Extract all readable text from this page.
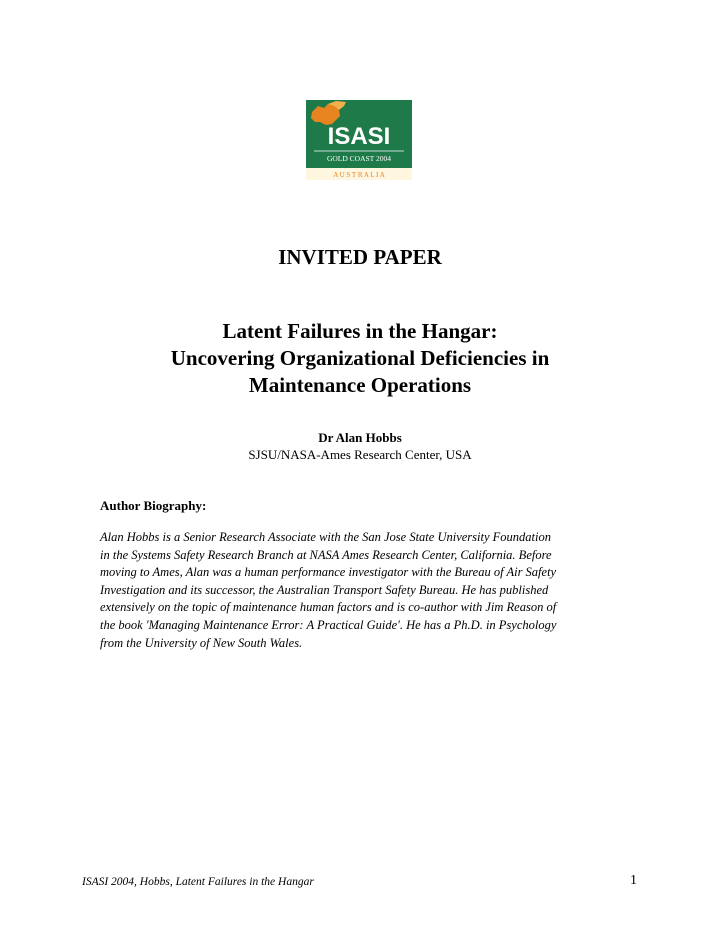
ISASI
GOLD COAST 2004
A U S T R A L I A
INVITED PAPER
Latent Failures in the Hangar:
Uncovering Organizational Deficiencies in
Maintenance Operations
Dr Alan Hobbs
SJSU/NASA-Ames Research Center, USA
Author Biography:
Alan Hobbs is a Senior Research Associate with the San Jose State University Foundation
in the Systems Safety Research Branch at NASA Ames Research Center, California. Before
moving to Ames, Alan was a human performance investigator with the Bureau of Air Safety
Investigation and its successor, the Australian Transport Safety Bureau. He has published
extensively on the topic of maintenance human factors and is co-author with Jim Reason of
the book 'Managing Maintenance Error: A Practical Guide'. He has a Ph.D. in Psychology
from the University of New South Wales.
ISASI 2004, Hobbs, Latent Failures in the Hangar	1
